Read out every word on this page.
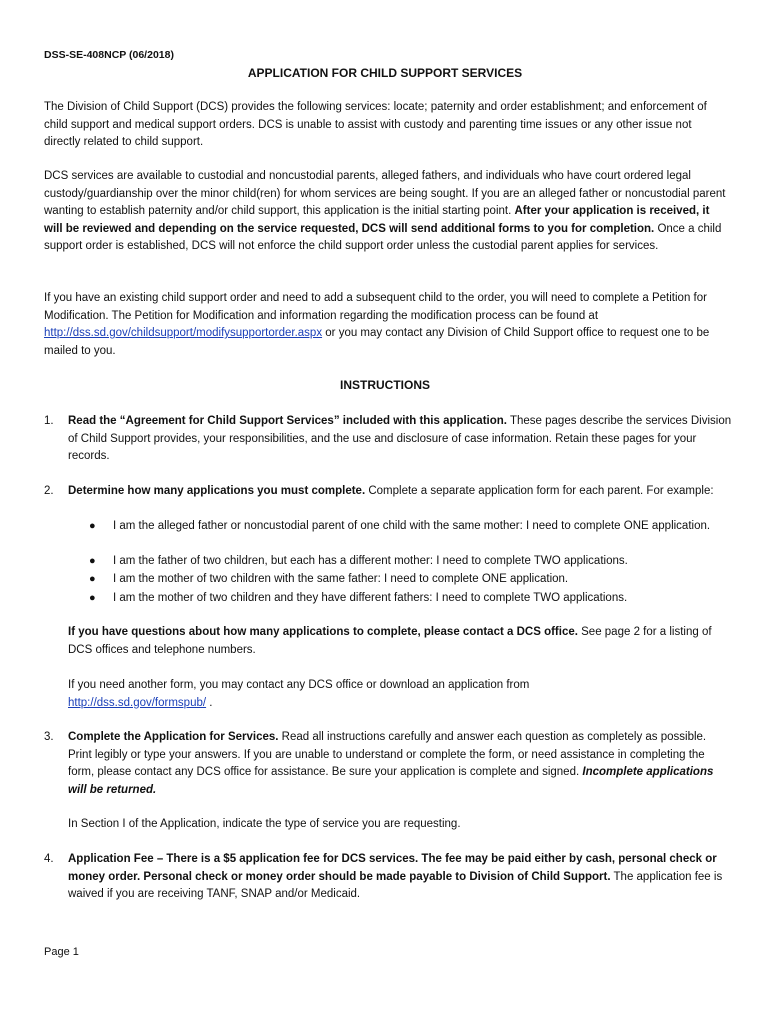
DSS-SE-408NCP (06/2018)
APPLICATION FOR CHILD SUPPORT SERVICES
The Division of Child Support (DCS) provides the following services: locate; paternity and order establishment; and enforcement of child support and medical support orders. DCS is unable to assist with custody and parenting time issues or any other issue not directly related to child support.
DCS services are available to custodial and noncustodial parents, alleged fathers, and individuals who have court ordered legal custody/guardianship over the minor child(ren) for whom services are being sought. If you are an alleged father or noncustodial parent wanting to establish paternity and/or child support, this application is the initial starting point. After your application is received, it will be reviewed and depending on the service requested, DCS will send additional forms to you for completion. Once a child support order is established, DCS will not enforce the child support order unless the custodial parent applies for services.
If you have an existing child support order and need to add a subsequent child to the order, you will need to complete a Petition for Modification. The Petition for Modification and information regarding the modification process can be found at http://dss.sd.gov/childsupport/modifysupportorder.aspx or you may contact any Division of Child Support office to request one to be mailed to you.
INSTRUCTIONS
1. Read the “Agreement for Child Support Services” included with this application. These pages describe the services Division of Child Support provides, your responsibilities, and the use and disclosure of case information. Retain these pages for your records.
2. Determine how many applications you must complete. Complete a separate application form for each parent. For example:
● I am the alleged father or noncustodial parent of one child with the same mother: I need to complete ONE application.
● I am the father of two children, but each has a different mother: I need to complete TWO applications.
● I am the mother of two children with the same father: I need to complete ONE application.
● I am the mother of two children and they have different fathers: I need to complete TWO applications.
If you have questions about how many applications to complete, please contact a DCS office. See page 2 for a listing of DCS offices and telephone numbers.
If you need another form, you may contact any DCS office or download an application from
http://dss.sd.gov/formspub/ .
3. Complete the Application for Services. Read all instructions carefully and answer each question as completely as possible. Print legibly or type your answers. If you are unable to understand or complete the form, or need assistance in completing the form, please contact any DCS office for assistance. Be sure your application is complete and signed. Incomplete applications will be returned.
In Section I of the Application, indicate the type of service you are requesting.
4. Application Fee – There is a $5 application fee for DCS services. The fee may be paid either by cash, personal check or money order. Personal check or money order should be made payable to Division of Child Support. The application fee is waived if you are receiving TANF, SNAP and/or Medicaid.
Page 1
